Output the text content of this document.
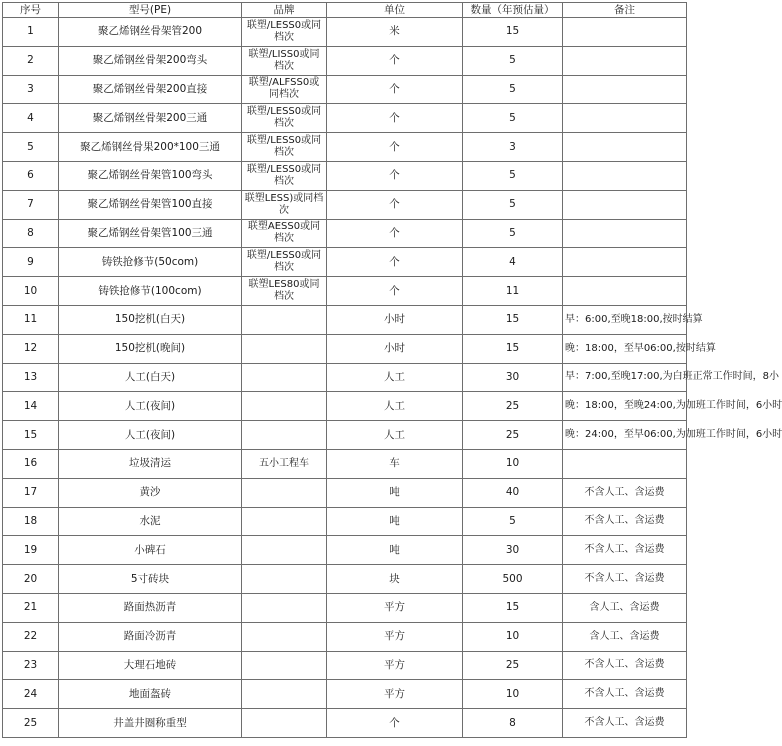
序号	型号(PE)	品牌	单位	数量（年预估量）	备注
1	聚乙烯钢丝骨架管200	联塑/LESS0或同档次	米	15	
2	聚乙烯钢丝骨架200弯头	联塑/LISS0或同档次	个	5	
3	聚乙烯钢丝骨架200直接	联塑/ALFSS0或同档次	个	5	
4	聚乙烯钢丝骨架200三通	联塑/LESS0或同档次	个	5	
5	聚乙烯钢丝骨果200*100三通	联塑/LESS0或同档次	个	3	
6	聚乙烯钢丝骨架管100弯头	联塑/LESS0或同档次	个	5	
7	聚乙烯钢丝骨架管100直接	联塑LESS)或同档次	个	5	
8	聚乙烯钢丝骨架管100三通	联塑AESS0或同档次	个	5	
9	铸铁抢修节(50com)	联塑/LESS0或同档次	个	4	
10	铸铁抢修节(100com)	联塑LES80或同档次	个	11	
11	150挖机(白天)		小时	15	早：6:00,至晚18:00,按时结算
12	150挖机(晚间)		小时	15	晚：18:00，至早06:00,按时结算
13	人工(白天)		人工	30	早：7:00,至晚17:00,为白班正常工作时间，8小
14	人工(夜间)		人工	25	晚：18:00，至晚24:00,为加班工作时间，6小时
15	人工(夜间)		人工	25	晚：24:00，至早06:00,为加班工作时间，6小时
16	垃圾清运	五小工程车	车	10	
17	黄沙		吨	40	不含人工、含运费
18	水泥		吨	5	不含人工、含运费
19	小碑石		吨	30	不含人工、含运费
20	5寸砖块		块	500	不含人工、含运费
21	路面热沥青		平方	15	含人工、含运费
22	路面冷沥青		平方	10	含人工、含运费
23	大理石地砖		平方	25	不含人工、含运费
24	地面盔砖		平方	10	不含人工、含运费
25	井盖井圈称重型		个	8	不含人工、含运费
